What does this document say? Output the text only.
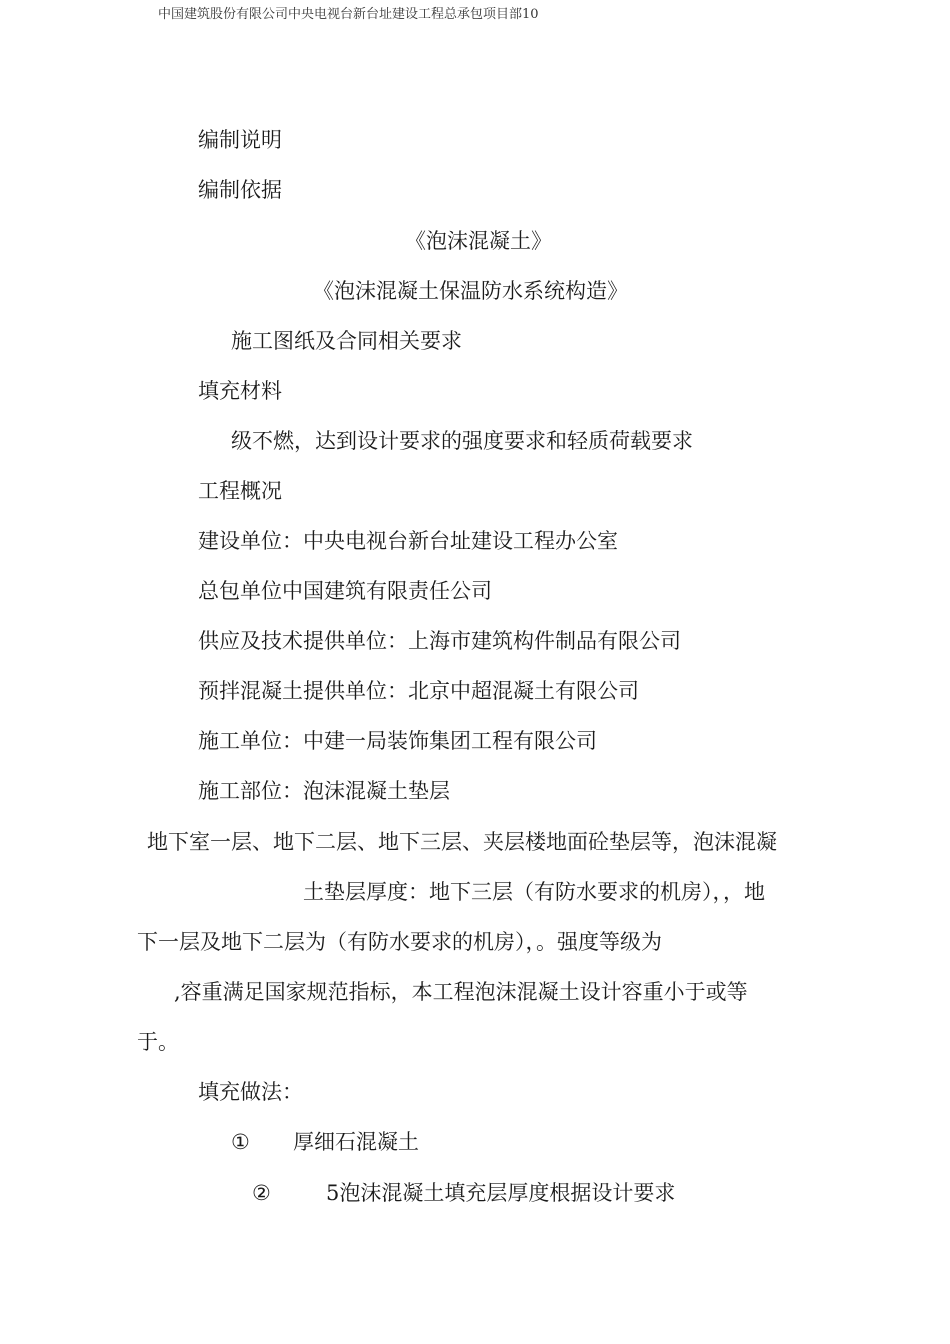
中国建筑股份有限公司中央电视台新台址建设工程总承包项目部10
编制说明
编制依据
《泡沫混凝土》
《泡沫混凝土保温防水系统构造》
施工图纸及合同相关要求
填充材料
级不燃，达到设计要求的强度要求和轻质荷载要求
工程概况
建设单位：中央电视台新台址建设工程办公室
总包单位中国建筑有限责任公司
供应及技术提供单位：上海市建筑构件制品有限公司
预拌混凝土提供单位：北京中超混凝土有限公司
施工单位：中建一局装饰集团工程有限公司
施工部位：泡沫混凝土垫层
地下室一层、地下二层、地下三层、夹层楼地面砼垫层等，泡沫混凝
土垫层厚度：地下三层（有防水要求的机房），，地
下一层及地下二层为（有防水要求的机房），。强度等级为
,容重满足国家规范指标，本工程泡沫混凝土设计容重小于或等
于。
填充做法：
① 厚细石混凝土
②	5泡沫混凝土填充层厚度根据设计要求
